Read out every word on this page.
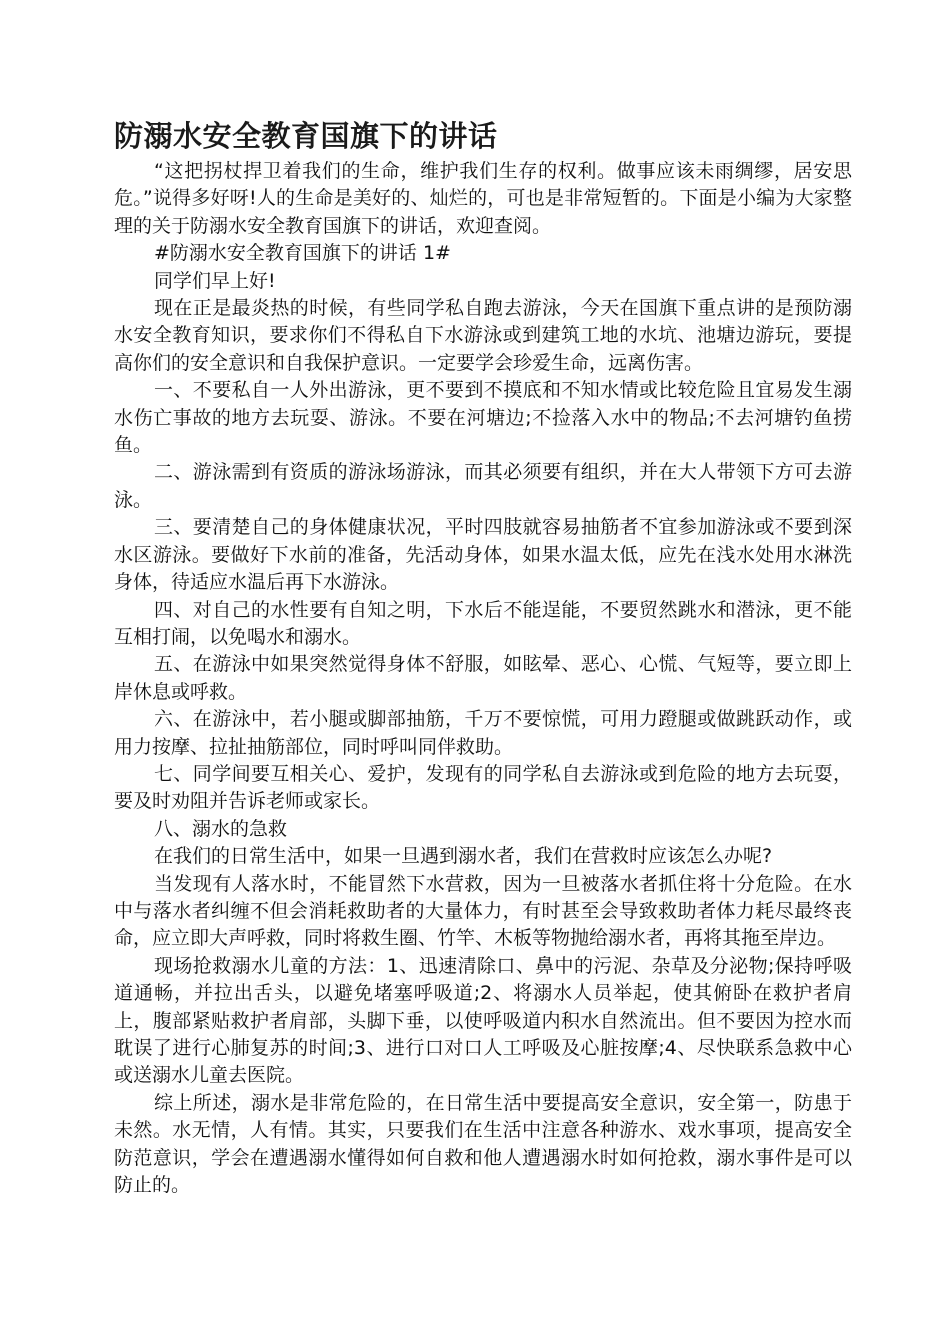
防溺水安全教育国旗下的讲话

“这把拐杖捍卫着我们的生命，维护我们生存的权利。做事应该未雨绸缪，居安思危。”说得多好呀!人的生命是美好的、灿烂的，可也是非常短暂的。下面是小编为大家整理的关于防溺水安全教育国旗下的讲话，欢迎查阅。

#防溺水安全教育国旗下的讲话 1#

同学们早上好!

现在正是最炎热的时候，有些同学私自跑去游泳，今天在国旗下重点讲的是预防溺水安全教育知识，要求你们不得私自下水游泳或到建筑工地的水坑、池塘边游玩，要提高你们的安全意识和自我保护意识。一定要学会珍爱生命，远离伤害。

一、不要私自一人外出游泳，更不要到不摸底和不知水情或比较危险且宜易发生溺水伤亡事故的地方去玩耍、游泳。不要在河塘边;不捡落入水中的物品;不去河塘钓鱼捞鱼。

二、游泳需到有资质的游泳场游泳，而其必须要有组织，并在大人带领下方可去游泳。

三、要清楚自己的身体健康状况，平时四肢就容易抽筋者不宜参加游泳或不要到深水区游泳。要做好下水前的准备，先活动身体，如果水温太低，应先在浅水处用水淋洗身体，待适应水温后再下水游泳。

四、对自己的水性要有自知之明，下水后不能逞能，不要贸然跳水和潜泳，更不能互相打闹，以免喝水和溺水。

五、在游泳中如果突然觉得身体不舒服，如眩晕、恶心、心慌、气短等，要立即上岸休息或呼救。

六、在游泳中，若小腿或脚部抽筋，千万不要惊慌，可用力蹬腿或做跳跃动作，或用力按摩、拉扯抽筋部位，同时呼叫同伴救助。

七、同学间要互相关心、爱护，发现有的同学私自去游泳或到危险的地方去玩耍，要及时劝阻并告诉老师或家长。

八、溺水的急救

在我们的日常生活中，如果一旦遇到溺水者，我们在营救时应该怎么办呢?

当发现有人落水时，不能冒然下水营救，因为一旦被落水者抓住将十分危险。在水中与落水者纠缠不但会消耗救助者的大量体力，有时甚至会导致救助者体力耗尽最终丧命，应立即大声呼救，同时将救生圈、竹竿、木板等物抛给溺水者，再将其拖至岸边。

现场抢救溺水儿童的方法：1、迅速清除口、鼻中的污泥、杂草及分泌物;保持呼吸道通畅，并拉出舌头，以避免堵塞呼吸道;2、将溺水人员举起，使其俯卧在救护者肩上，腹部紧贴救护者肩部，头脚下垂，以使呼吸道内积水自然流出。但不要因为控水而耽误了进行心肺复苏的时间;3、进行口对口人工呼吸及心脏按摩;4、尽快联系急救中心或送溺水儿童去医院。

综上所述，溺水是非常危险的，在日常生活中要提高安全意识，安全第一，防患于未然。水无情，人有情。其实，只要我们在生活中注意各种游水、戏水事项，提高安全防范意识，学会在遭遇溺水懂得如何自救和他人遭遇溺水时如何抢救，溺水事件是可以防止的。
